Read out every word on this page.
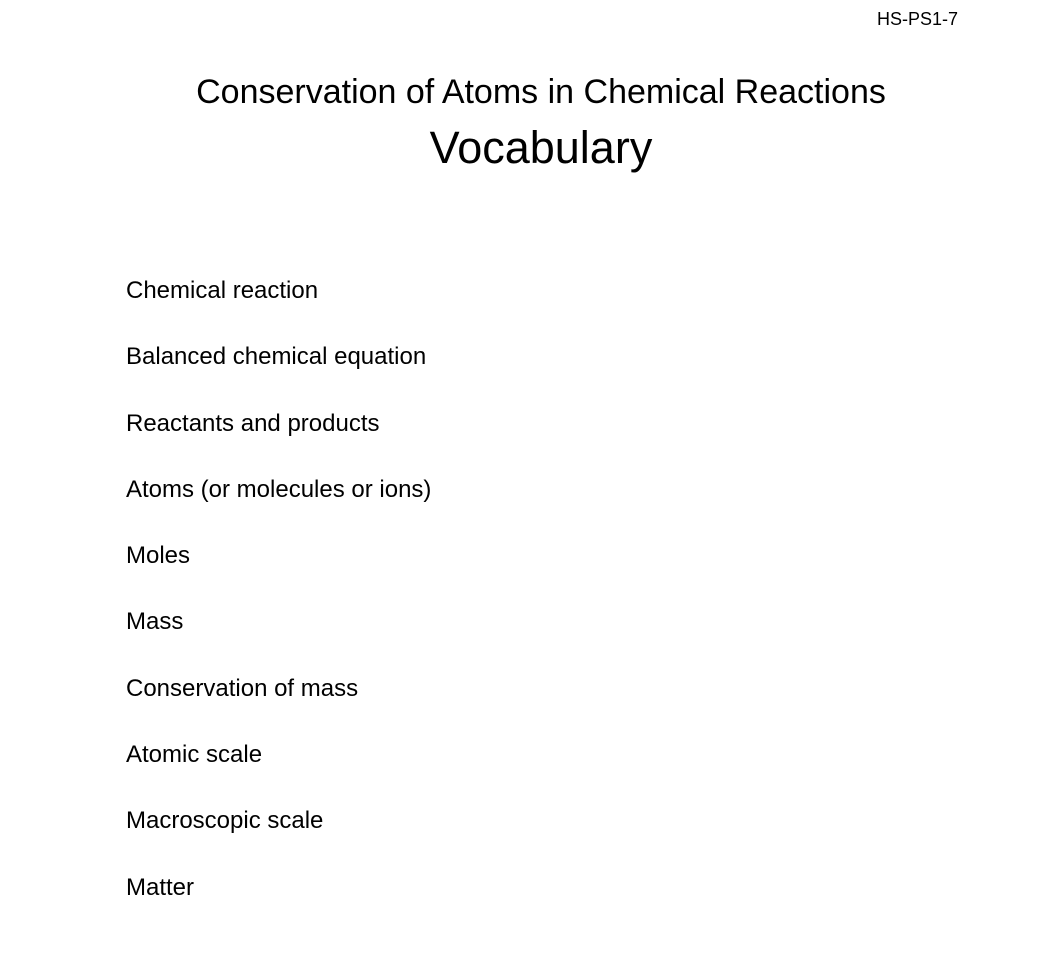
HS-PS1-7
Conservation of Atoms in Chemical Reactions
Vocabulary
Chemical reaction
Balanced chemical equation
Reactants and products
Atoms (or molecules or ions)
Moles
Mass
Conservation of mass
Atomic scale
Macroscopic scale
Matter
